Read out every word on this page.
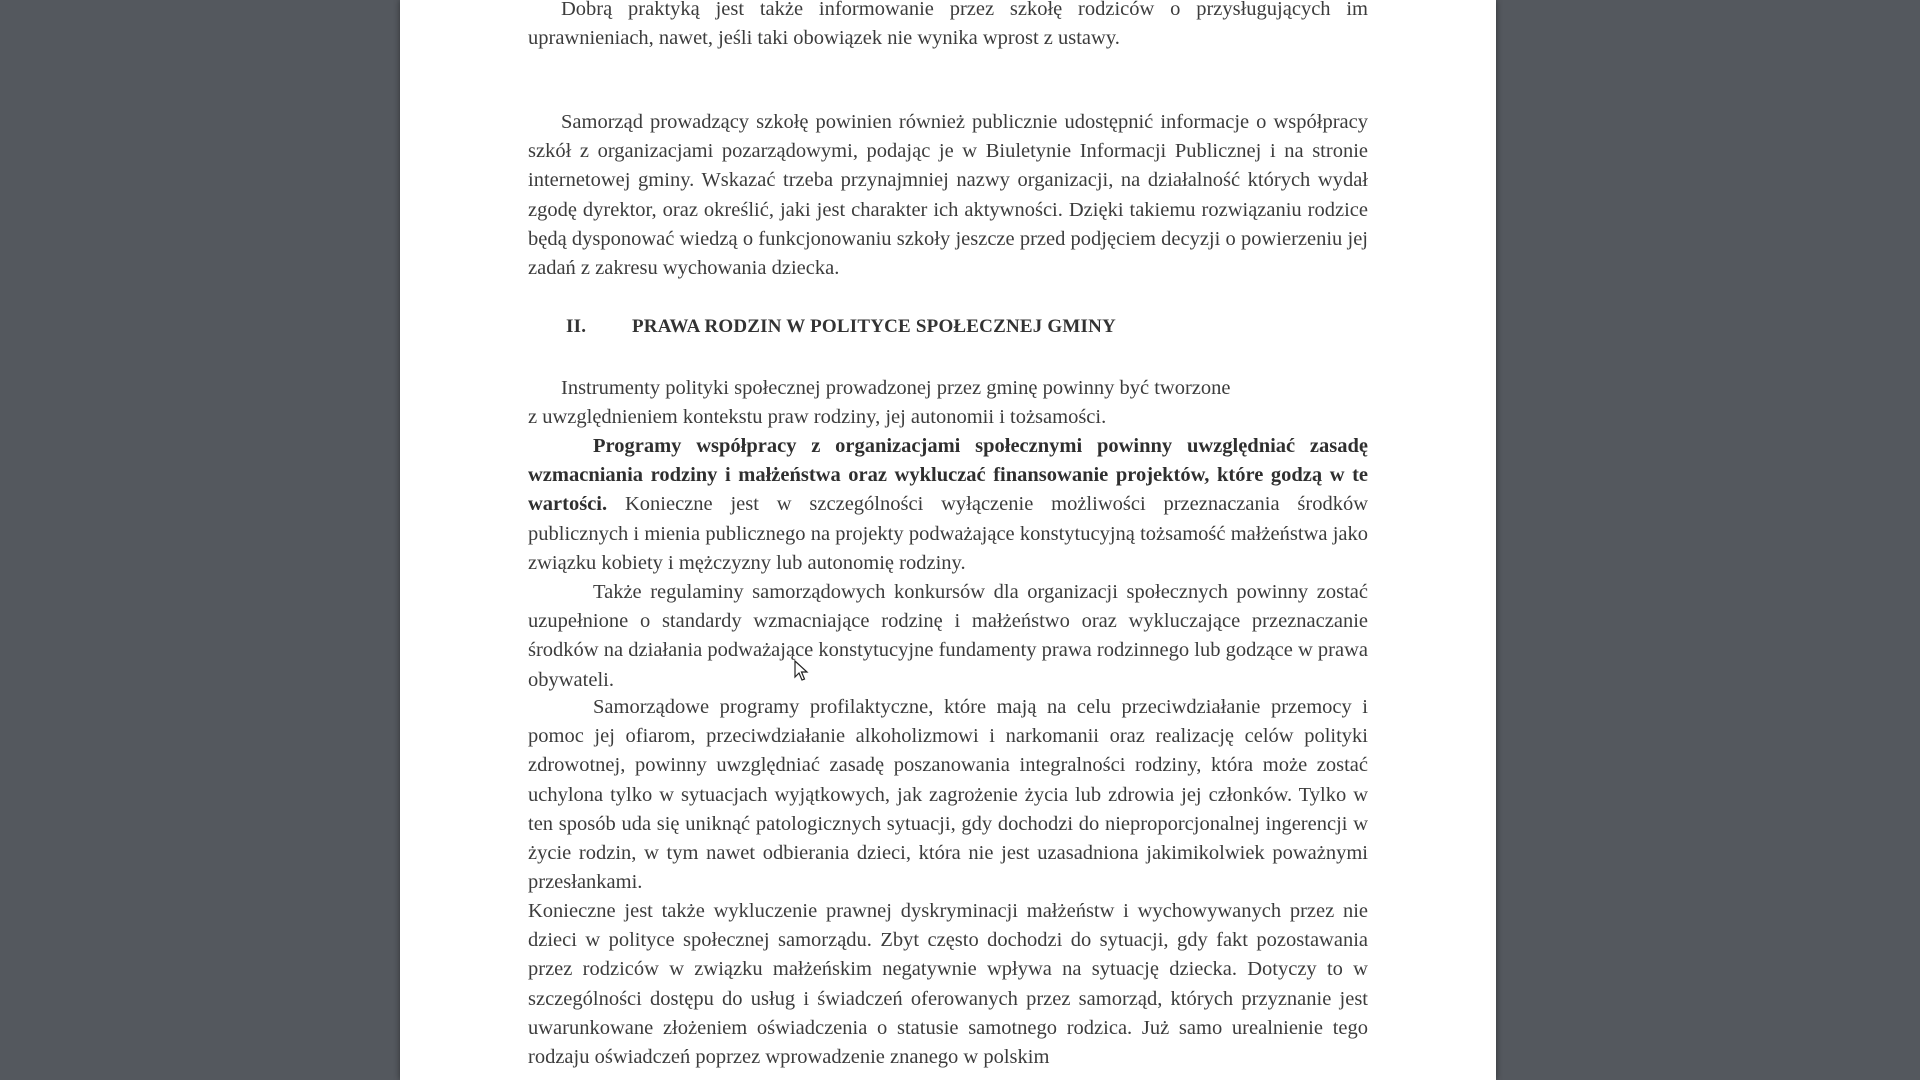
Dobrą praktyką jest także informowanie przez szkołę rodziców o przysługujących im uprawnieniach, nawet, jeśli taki obowiązek nie wynika wprost z ustawy.

Samorząd prowadzący szkołę powinien również publicznie udostępnić informacje o współpracy szkół z organizacjami pozarządowymi, podając je w Biuletynie Informacji Publicznej i na stronie internetowej gminy. Wskazać trzeba przynajmniej nazwy organizacji, na działalność których wydał zgodę dyrektor, oraz określić, jaki jest charakter ich aktywności. Dzięki takiemu rozwiązaniu rodzice będą dysponować wiedzą o funkcjonowaniu szkoły jeszcze przed podjęciem decyzji o powierzeniu jej zadań z zakresu wychowania dziecka.

Instrumenty polityki społecznej prowadzonej przez gminę powinny być tworzone

z uwzględnieniem kontekstu praw rodziny, jej autonomii i tożsamości.

Programy współpracy z organizacjami społecznymi powinny uwzględniać zasadę wzmacniania rodziny i małżeństwa oraz wykluczać finansowanie projektów, które godzą w te wartości. Konieczne jest w szczególności wyłączenie możliwości przeznaczania środków publicznych i mienia publicznego na projekty podważające konstytucyjną tożsamość małżeństwa jako związku kobiety i mężczyzny lub autonomię rodziny.

Także regulaminy samorządowych konkursów dla organizacji społecznych powinny zostać uzupełnione o standardy wzmacniające rodzinę i małżeństwo oraz wykluczające przeznaczanie środków na działania podważające konstytucyjne fundamenty prawa rodzinnego lub godzące w prawa obywateli.

Samorządowe programy profilaktyczne, które mają na celu przeciwdziałanie przemocy i pomoc jej ofiarom, przeciwdziałanie alkoholizmowi i narkomanii oraz realizację celów polityki zdrowotnej, powinny uwzględniać zasadę poszanowania integralności rodziny, która może zostać uchylona tylko w sytuacjach wyjątkowych, jak zagrożenie życia lub zdrowia jej członków. Tylko w ten sposób uda się uniknąć patologicznych sytuacji, gdy dochodzi do nieproporcjonalnej ingerencji w życie rodzin, w tym nawet odbierania dzieci, która nie jest uzasadniona jakimikolwiek poważnymi przesłankami.

Konieczne jest także wykluczenie prawnej dyskryminacji małżeństw i wychowywanych przez nie dzieci w polityce społecznej samorządu. Zbyt często dochodzi do sytuacji, gdy fakt pozostawania przez rodziców w związku małżeńskim negatywnie wpływa na sytuację dziecka. Dotyczy to w szczególności dostępu do usług i świadczeń oferowanych przez samorząd, których przyznanie jest uwarunkowane złożeniem oświadczenia o statusie samotnego rodzica. Już samo urealnienie tego rodzaju oświadczeń poprzez wprowadzenie znanego w polskim

II. PRAWA RODZIN W POLITYCE SPOŁECZNEJ GMINY
